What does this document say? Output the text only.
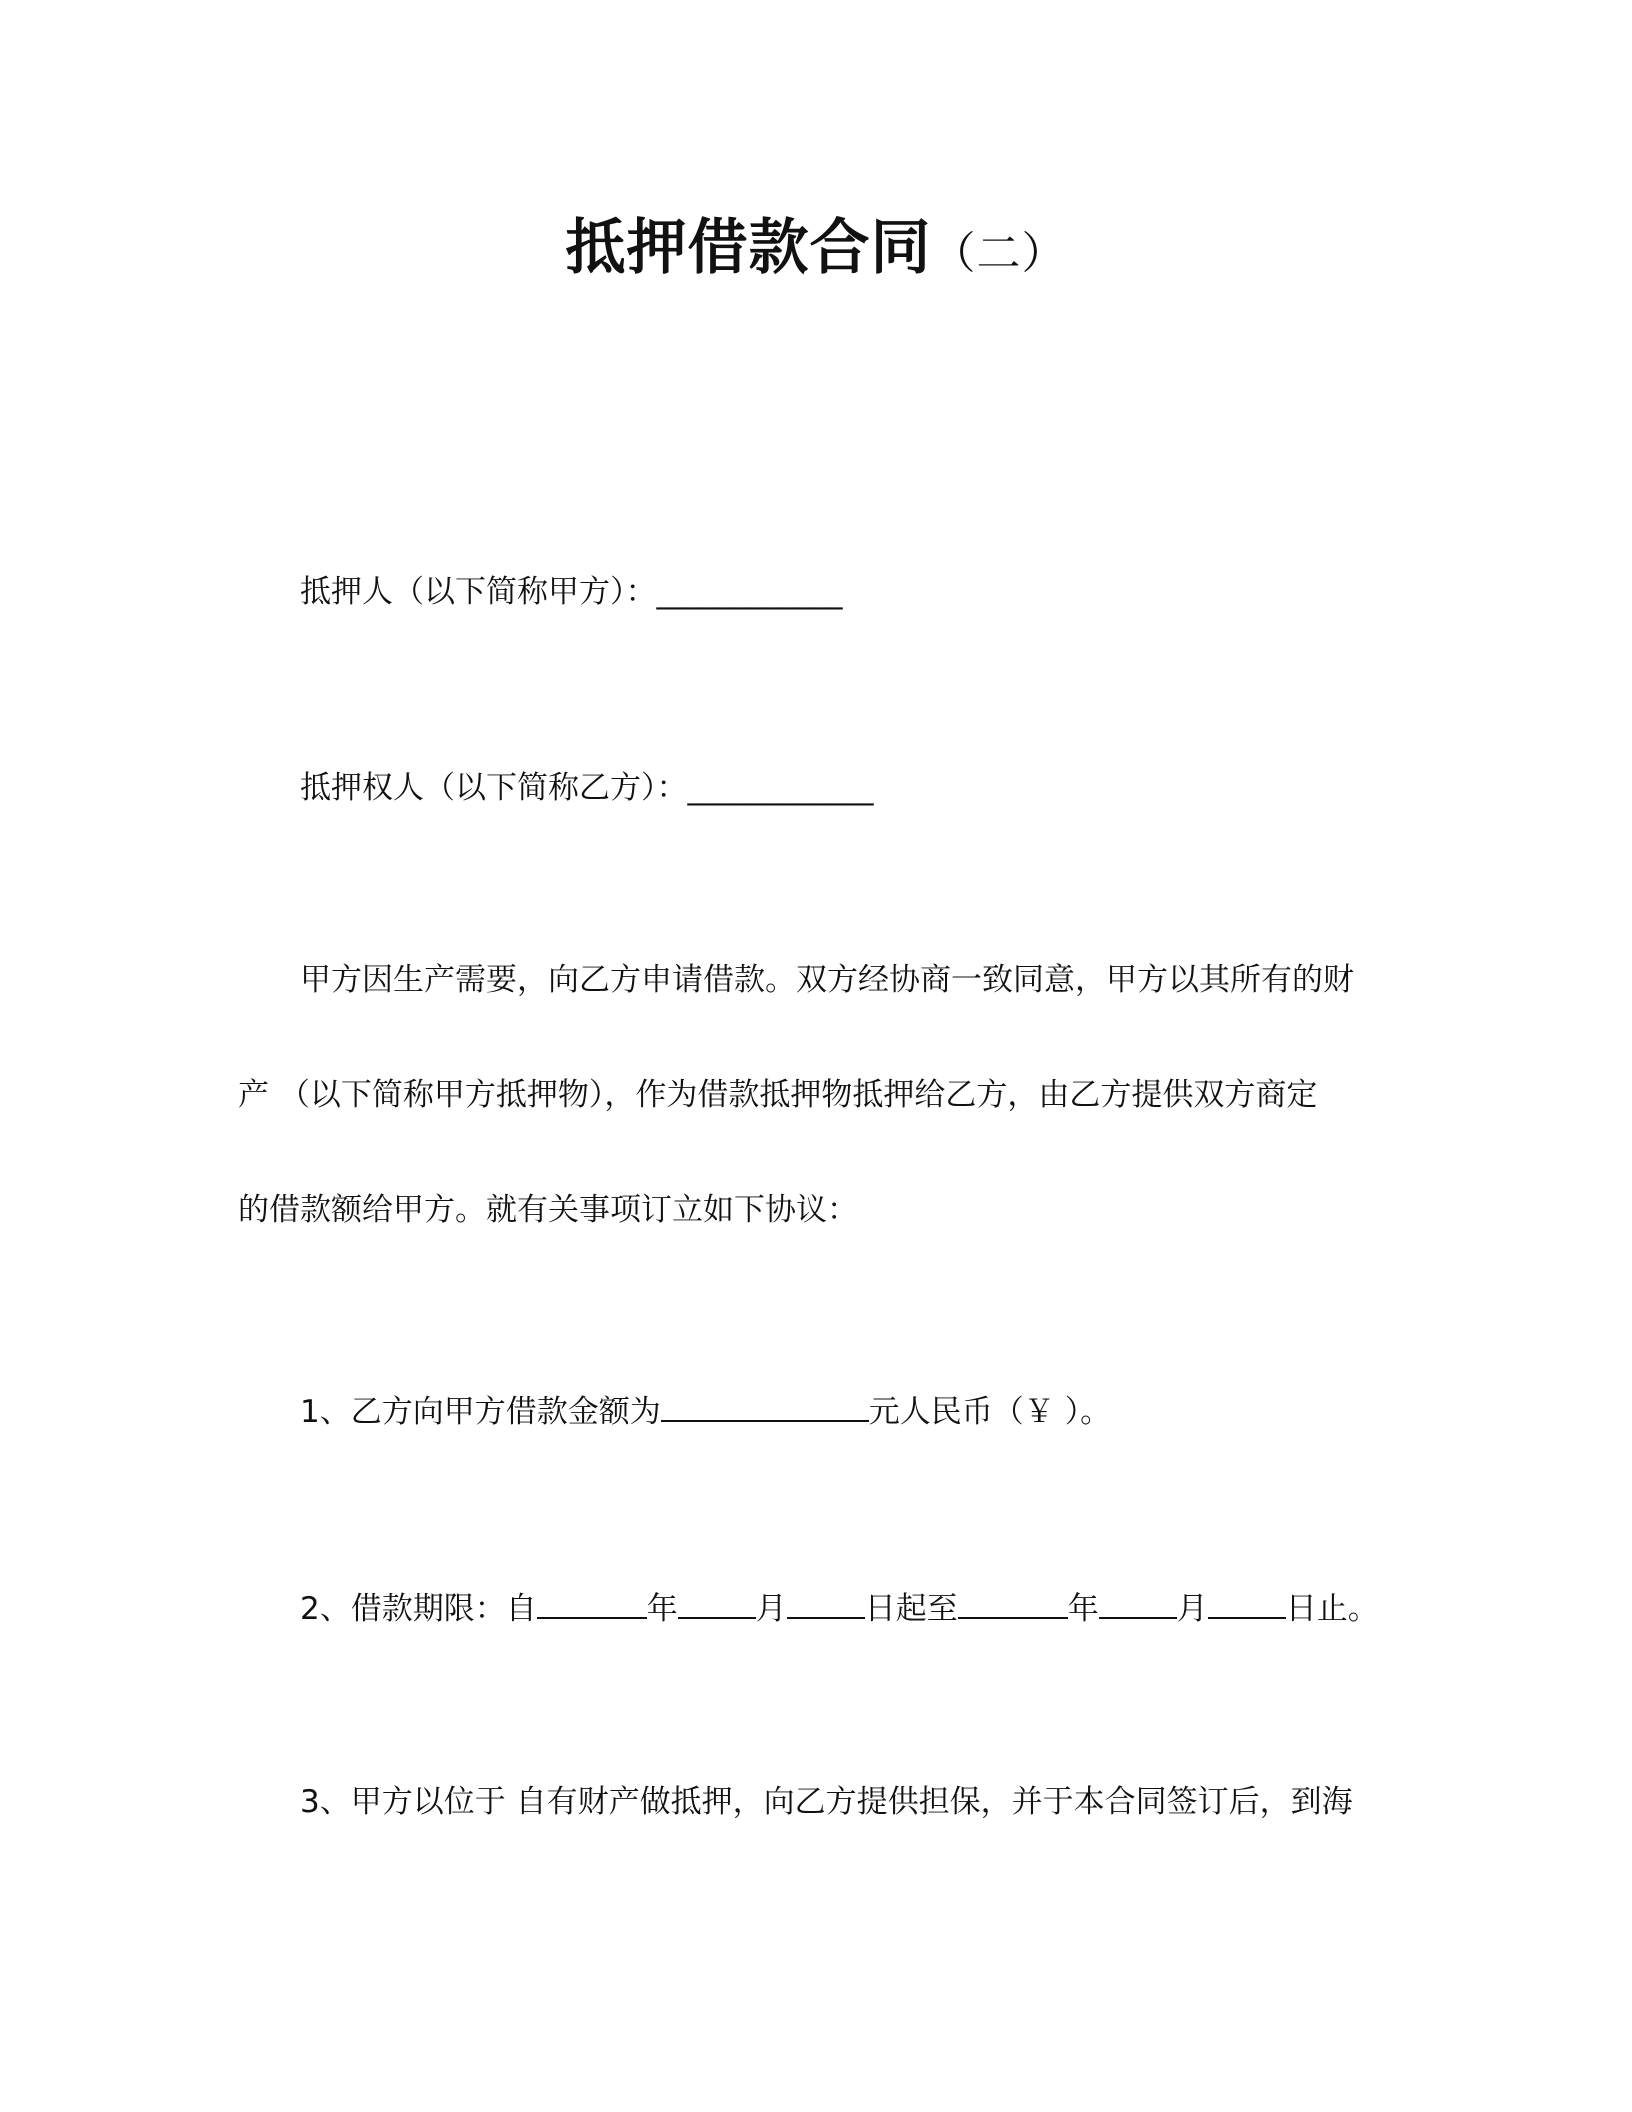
抵押借款合同（二）
抵押人（以下简称甲方）：____________
抵押权人（以下简称乙方）：____________
甲方因生产需要，向乙方申请借款。双方经协商一致同意，甲方以其所有的财
产 （以下简称甲方抵押物），作为借款抵押物抵押给乙方，由乙方提供双方商定
的借款额给甲方。就有关事项订立如下协议：
1、乙方向甲方借款金额为	元人民币（￥ ）。
2、借款期限：自	年	月	日起至	年	月	日止。
3、甲方以位于 自有财产做抵押，向乙方提供担保，并于本合同签订后，到海
